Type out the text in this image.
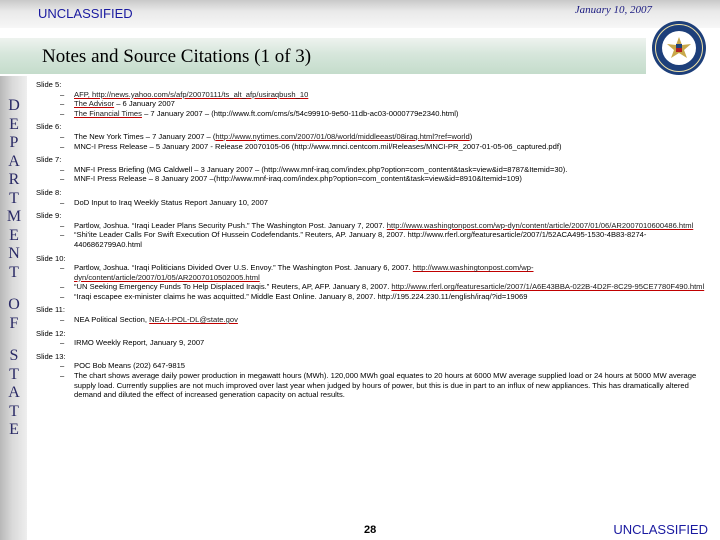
UNCLASSIFIED	January 10, 2007
Notes and Source Citations (1 of 3)
D
E
P
A
R
T
M
E
N
T
O
F
S
T
A
T
E
Slide 5:
– AFP, http://news.yahoo.com/s/afp/20070111/ts_alt_afp/usiraqbush_10
– The Advisor – 6 January 2007
– The Financial Times – 7 January 2007 – (http://www.ft.com/cms/s/54c99910-9e50-11db-ac03-0000779e2340.html)
Slide 6:
– The New York Times – 7 January 2007 – (http://www.nytimes.com/2007/01/08/world/middleeast/08iraq.html?ref=world)
– MNC-I Press Release – 5 January 2007 - Release 20070105-06 (http://www.mnci.centcom.mil/Releases/MNCI-PR_2007-01-05-06_captured.pdf)
Slide 7:
– MNF-I Press Briefing (MG Caldwell – 3 January 2007 – (http://www.mnf-iraq.com/index.php?option=com_content&task=view&id=8787&Itemid=30).
– MNF-I Press Release – 8 January 2007 –(http://www.mnf-iraq.com/index.php?option=com_content&task=view&id=8910&Itemid=109)
Slide 8:
– DoD Input to Iraq Weekly Status Report January 10, 2007
Slide 9:
– Partlow, Joshua. “Iraqi Leader Plans Security Push.” The Washington Post. January 7, 2007. http://www.washingtonpost.com/wp-dyn/content/article/2007/01/06/AR2007010600486.html
– “Shi'ite Leader Calls For Swift Execution Of Hussein Codefendants.” Reuters, AP. January 8, 2007. http://www.rferl.org/featuresarticle/2007/1/52ACA495-1530-4B83-8274-4406862799A0.html
Slide 10:
– Partlow, Joshua. “Iraqi Politicians Divided Over U.S. Envoy.” The Washington Post. January 6, 2007. http://www.washingtonpost.com/wp-dyn/content/article/2007/01/05/AR2007010502005.html
– “UN Seeking Emergency Funds To Help Displaced Iraqis.” Reuters, AP, AFP. January 8, 2007. http://www.rferl.org/featuresarticle/2007/1/A6E43BBA-022B-4D2F-8C29-95CE7780F490.html
– “Iraqi escapee ex-minister claims he was acquitted.” Middle East Online. January 8, 2007. http://195.224.230.11/english/iraq/?id=19069
Slide 11:
– NEA Political Section, NEA-I-POL-DL@state.gov
Slide 12:
– IRMO Weekly Report, January 9, 2007
Slide 13:
– POC Bob Means (202) 647-9815
– The chart shows average daily power production in megawatt hours (MWh). 120,000 MWh goal equates to 20 hours at 6000 MW average supplied load or 24 hours at 5000 MW average supply load. Currently supplies are not much improved over last year when judged by hours of power, but this is due in part to an influx of new appliances. This has dramatically altered demand and diluted the effect of increased generation capacity on actual results.
28	UNCLASSIFIED
